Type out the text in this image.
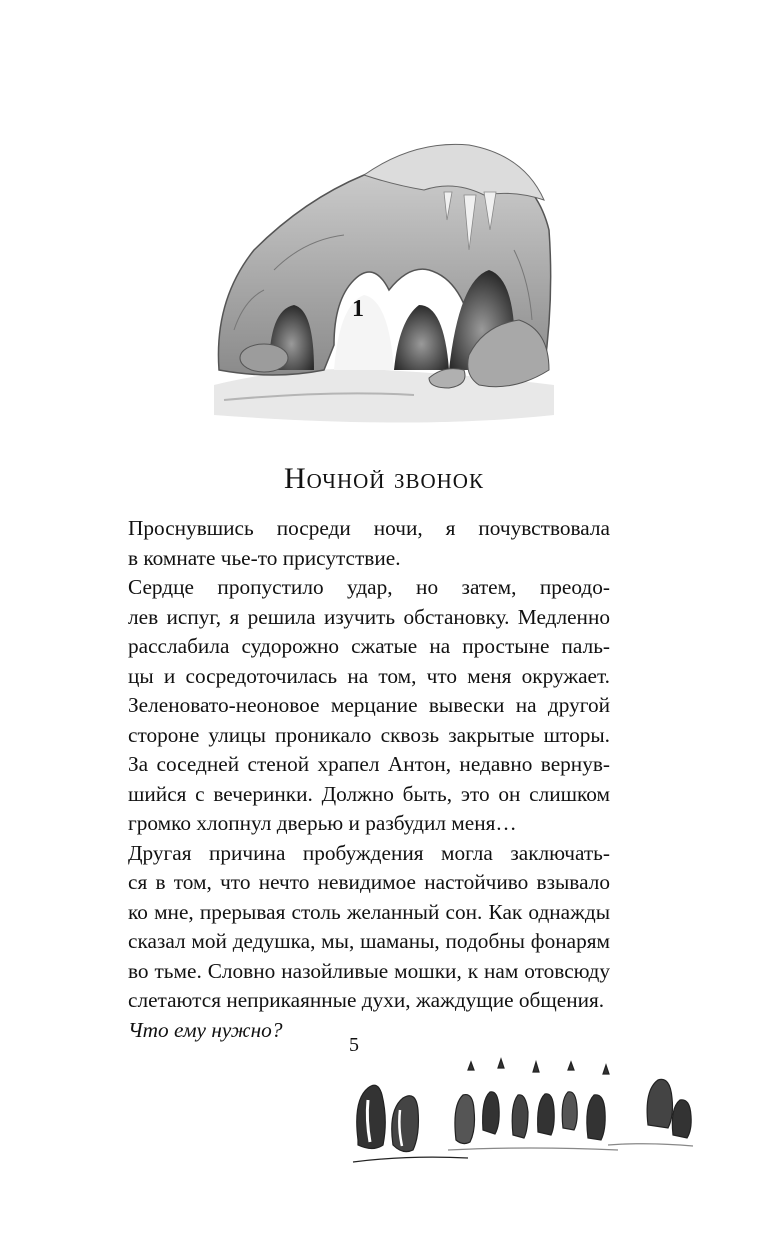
1
Ночной звонок

Проснувшись посреди ночи, я почувствовала
в комнате чье-то присутствие.

Сердце пропустило удар, но затем, преодо-
лев испуг, я решила изучить обстановку. Медленно
расслабила судорожно сжатые на простыне паль-
цы и сосредоточилась на том, что меня окружает.
Зеленовато-неоновое мерцание вывески на другой
стороне улицы проникало сквозь закрытые шторы.
За соседней стеной храпел Антон, недавно вернув-
шийся с вечеринки. Должно быть, это он слишком
громко хлопнул дверью и разбудил меня…

Другая причина пробуждения могла заключать-
ся в том, что нечто невидимое настойчиво взывало
ко мне, прерывая столь желанный сон. Как однажды
сказал мой дедушка, мы, шаманы, подобны фонарям
во тьме. Словно назойливые мошки, к нам отовсюду
слетаются неприкаянные духи, жаждущие общения.

Что ему нужно?

5
